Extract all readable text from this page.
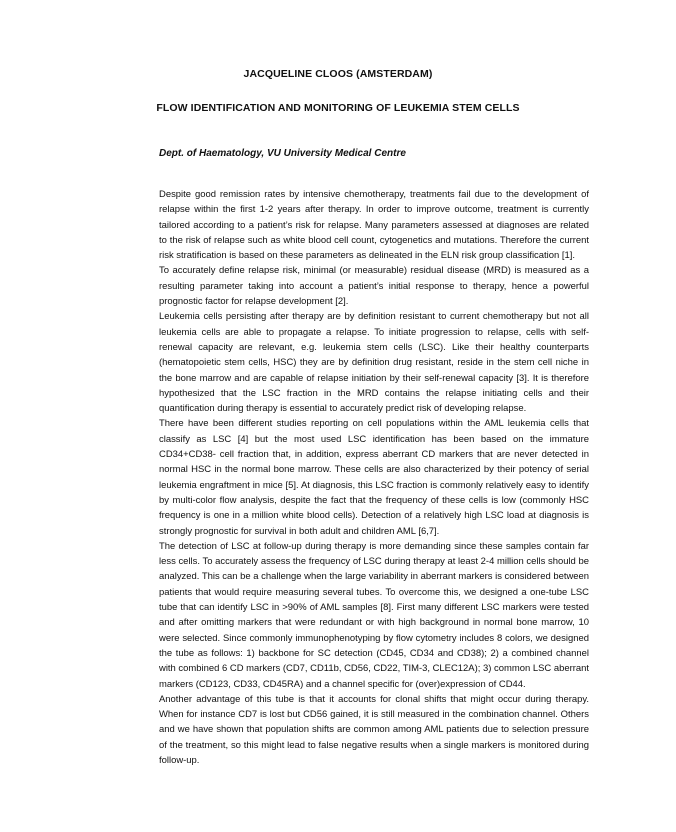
JACQUELINE CLOOS (AMSTERDAM)
FLOW IDENTIFICATION AND MONITORING OF LEUKEMIA STEM CELLS
Dept. of Haematology, VU University Medical Centre

Despite good remission rates by intensive chemotherapy, treatments fail due to the development of relapse within the first 1-2 years after therapy. In order to improve outcome, treatment is currently tailored according to a patient’s risk for relapse. Many parameters assessed at diagnoses are related to the risk of relapse such as white blood cell count, cytogenetics and mutations. Therefore the current risk stratification is based on these parameters as delineated in the ELN risk group classification [1].

To accurately define relapse risk, minimal (or measurable) residual disease (MRD) is measured as a resulting parameter taking into account a patient’s initial response to therapy, hence a powerful prognostic factor for relapse development [2].

Leukemia cells persisting after therapy are by definition resistant to current chemotherapy but not all leukemia cells are able to propagate a relapse. To initiate progression to relapse, cells with self-renewal capacity are relevant, e.g. leukemia stem cells (LSC). Like their healthy counterparts (hematopoietic stem cells, HSC) they are by definition drug resistant, reside in the stem cell niche in the bone marrow and are capable of relapse initiation by their self-renewal capacity [3]. It is therefore hypothesized that the LSC fraction in the MRD contains the relapse initiating cells and their quantification during therapy is essential to accurately predict risk of developing relapse.

There have been different studies reporting on cell populations within the AML leukemia cells that classify as LSC [4] but the most used LSC identification has been based on the immature CD34+CD38- cell fraction that, in addition, express aberrant CD markers that are never detected in normal HSC in the normal bone marrow. These cells are also characterized by their potency of serial leukemia engraftment in mice [5]. At diagnosis, this LSC fraction is commonly relatively easy to identify by multi-color flow analysis, despite the fact that the frequency of these cells is low (commonly HSC frequency is one in a million white blood cells). Detection of a relatively high LSC load at diagnosis is strongly prognostic for survival in both adult and children AML [6,7].

The detection of LSC at follow-up during therapy is more demanding since these samples contain far less cells. To accurately assess the frequency of LSC during therapy at least 2-4 million cells should be analyzed. This can be a challenge when the large variability in aberrant markers is considered between patients that would require measuring several tubes. To overcome this, we designed a one-tube LSC tube that can identify LSC in >90% of AML samples [8]. First many different LSC markers were tested and after omitting markers that were redundant or with high background in normal bone marrow, 10 were selected. Since commonly immunophenotyping by flow cytometry includes 8 colors, we designed the tube as follows: 1) backbone for SC detection (CD45, CD34 and CD38); 2) a combined channel with combined 6 CD markers (CD7, CD11b, CD56, CD22, TIM-3, CLEC12A); 3) common LSC aberrant markers (CD123, CD33, CD45RA) and a channel specific for (over)expression of CD44.

Another advantage of this tube is that it accounts for clonal shifts that might occur during therapy. When for instance CD7 is lost but CD56 gained, it is still measured in the combination channel. Others and we have shown that population shifts are common among AML patients due to selection pressure of the treatment, so this might lead to false negative results when a single markers is monitored during follow-up.
